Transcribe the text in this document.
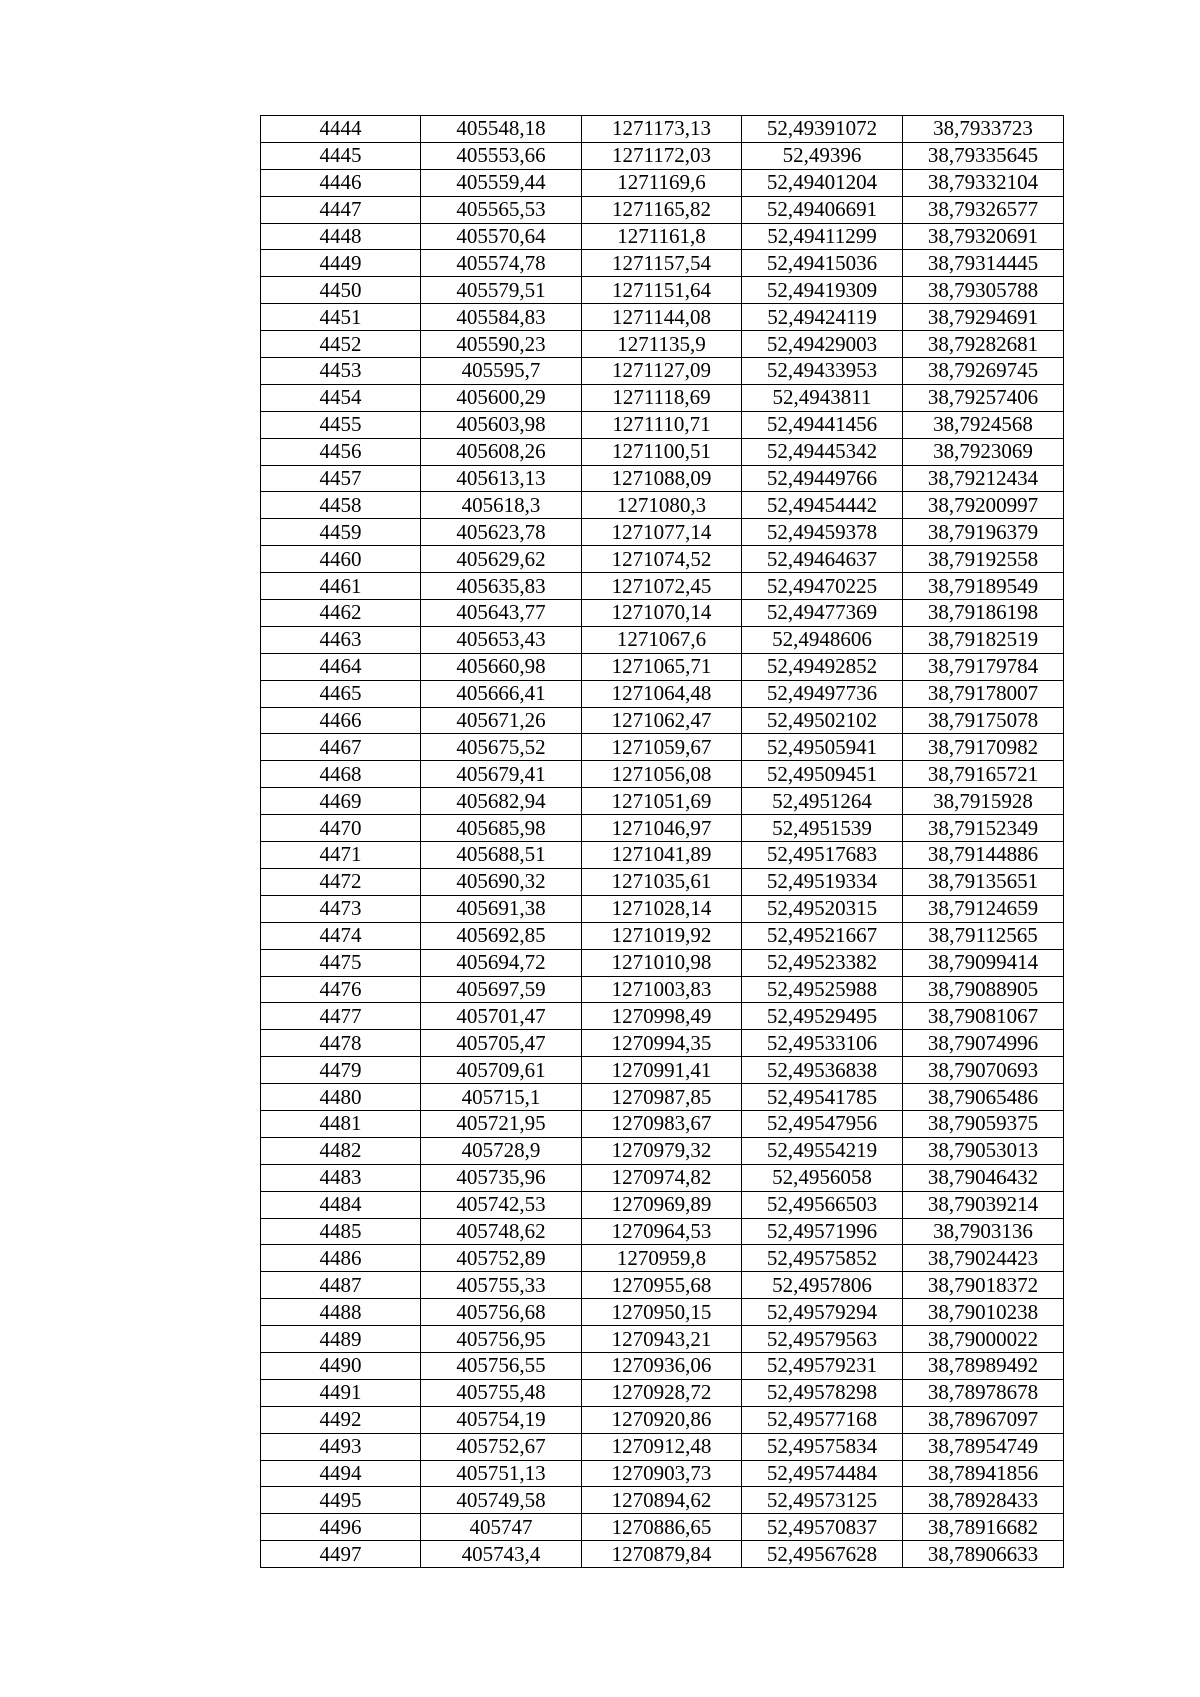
4444	405548,18	1271173,13	52,49391072	38,7933723
4445	405553,66	1271172,03	52,49396	38,79335645
4446	405559,44	1271169,6	52,49401204	38,79332104
4447	405565,53	1271165,82	52,49406691	38,79326577
4448	405570,64	1271161,8	52,49411299	38,79320691
4449	405574,78	1271157,54	52,49415036	38,79314445
4450	405579,51	1271151,64	52,49419309	38,79305788
4451	405584,83	1271144,08	52,49424119	38,79294691
4452	405590,23	1271135,9	52,49429003	38,79282681
4453	405595,7	1271127,09	52,49433953	38,79269745
4454	405600,29	1271118,69	52,4943811	38,79257406
4455	405603,98	1271110,71	52,49441456	38,7924568
4456	405608,26	1271100,51	52,49445342	38,7923069
4457	405613,13	1271088,09	52,49449766	38,79212434
4458	405618,3	1271080,3	52,49454442	38,79200997
4459	405623,78	1271077,14	52,49459378	38,79196379
4460	405629,62	1271074,52	52,49464637	38,79192558
4461	405635,83	1271072,45	52,49470225	38,79189549
4462	405643,77	1271070,14	52,49477369	38,79186198
4463	405653,43	1271067,6	52,4948606	38,79182519
4464	405660,98	1271065,71	52,49492852	38,79179784
4465	405666,41	1271064,48	52,49497736	38,79178007
4466	405671,26	1271062,47	52,49502102	38,79175078
4467	405675,52	1271059,67	52,49505941	38,79170982
4468	405679,41	1271056,08	52,49509451	38,79165721
4469	405682,94	1271051,69	52,4951264	38,7915928
4470	405685,98	1271046,97	52,4951539	38,79152349
4471	405688,51	1271041,89	52,49517683	38,79144886
4472	405690,32	1271035,61	52,49519334	38,79135651
4473	405691,38	1271028,14	52,49520315	38,79124659
4474	405692,85	1271019,92	52,49521667	38,79112565
4475	405694,72	1271010,98	52,49523382	38,79099414
4476	405697,59	1271003,83	52,49525988	38,79088905
4477	405701,47	1270998,49	52,49529495	38,79081067
4478	405705,47	1270994,35	52,49533106	38,79074996
4479	405709,61	1270991,41	52,49536838	38,79070693
4480	405715,1	1270987,85	52,49541785	38,79065486
4481	405721,95	1270983,67	52,49547956	38,79059375
4482	405728,9	1270979,32	52,49554219	38,79053013
4483	405735,96	1270974,82	52,4956058	38,79046432
4484	405742,53	1270969,89	52,49566503	38,79039214
4485	405748,62	1270964,53	52,49571996	38,7903136
4486	405752,89	1270959,8	52,49575852	38,79024423
4487	405755,33	1270955,68	52,4957806	38,79018372
4488	405756,68	1270950,15	52,49579294	38,79010238
4489	405756,95	1270943,21	52,49579563	38,79000022
4490	405756,55	1270936,06	52,49579231	38,78989492
4491	405755,48	1270928,72	52,49578298	38,78978678
4492	405754,19	1270920,86	52,49577168	38,78967097
4493	405752,67	1270912,48	52,49575834	38,78954749
4494	405751,13	1270903,73	52,49574484	38,78941856
4495	405749,58	1270894,62	52,49573125	38,78928433
4496	405747	1270886,65	52,49570837	38,78916682
4497	405743,4	1270879,84	52,49567628	38,78906633
